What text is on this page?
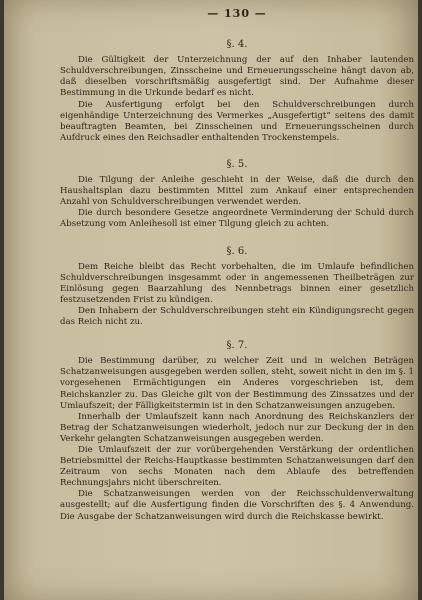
— 130 —
§. 4.

Die Gültigkeit der Unterzeichnung der auf den Inhaber lautenden Schuldverschreibungen, Zinsscheine und Erneuerungsscheine hängt davon ab, daß dieselben vorschriftsmäßig ausgefertigt sind. Der Aufnahme dieser Bestimmung in die Urkunde bedarf es nicht.

Die Ausfertigung erfolgt bei den Schuldverschreibungen durch eigenhändige Unterzeichnung des Vermerkes „Ausgefertigt“ seitens des damit beauftragten Beamten, bei Zinsscheinen und Erneuerungsscheinen durch Aufdruck eines den Reichsadler enthaltenden Trockenstempels.

§. 5.

Die Tilgung der Anleihe geschieht in der Weise, daß die durch den Haushaltsplan dazu bestimmten Mittel zum Ankauf einer entsprechenden Anzahl von Schuldverschreibungen verwendet werden.

Die durch besondere Gesetze angeordnete Verminderung der Schuld durch Absetzung vom Anleihesoll ist einer Tilgung gleich zu achten.

§. 6.

Dem Reiche bleibt das Recht vorbehalten, die im Umlaufe befindlichen Schuldverschreibungen insgesammt oder in angemessenen Theilbeträgen zur Einlösung gegen Baarzahlung des Nennbetrags binnen einer gesetzlich festzusetzenden Frist zu kündigen.

Den Inhabern der Schuldverschreibungen steht ein Kündigungsrecht gegen das Reich nicht zu.

§. 7.

Die Bestimmung darüber, zu welcher Zeit und in welchen Beträgen Schatzanweisungen ausgegeben werden sollen, steht, soweit nicht in den im §. 1 vorgesehenen Ermächtigungen ein Anderes vorgeschrieben ist, dem Reichskanzler zu. Das Gleiche gilt von der Bestimmung des Zinssatzes und der Umlaufszeit; der Fälligkeitstermin ist in den Schatzanweisungen anzugeben.

Innerhalb der Umlaufszeit kann nach Anordnung des Reichskanzlers der Betrag der Schatzanweisungen wiederholt, jedoch nur zur Deckung der in den Verkehr gelangten Schatzanweisungen ausgegeben werden.

Die Umlaufszeit der zur vorübergehenden Verstärkung der ordentlichen Betriebsmittel der Reichs-Hauptkasse bestimmten Schatzanweisungen darf den Zeitraum von sechs Monaten nach dem Ablaufe des betreffenden Rechnungsjahrs nicht überschreiten.

Die Schatzanweisungen werden von der Reichsschuldenverwaltung ausgestellt; auf die Ausfertigung finden die Vorschriften des §. 4 Anwendung. Die Ausgabe der Schatzanweisungen wird durch die Reichskasse bewirkt.
